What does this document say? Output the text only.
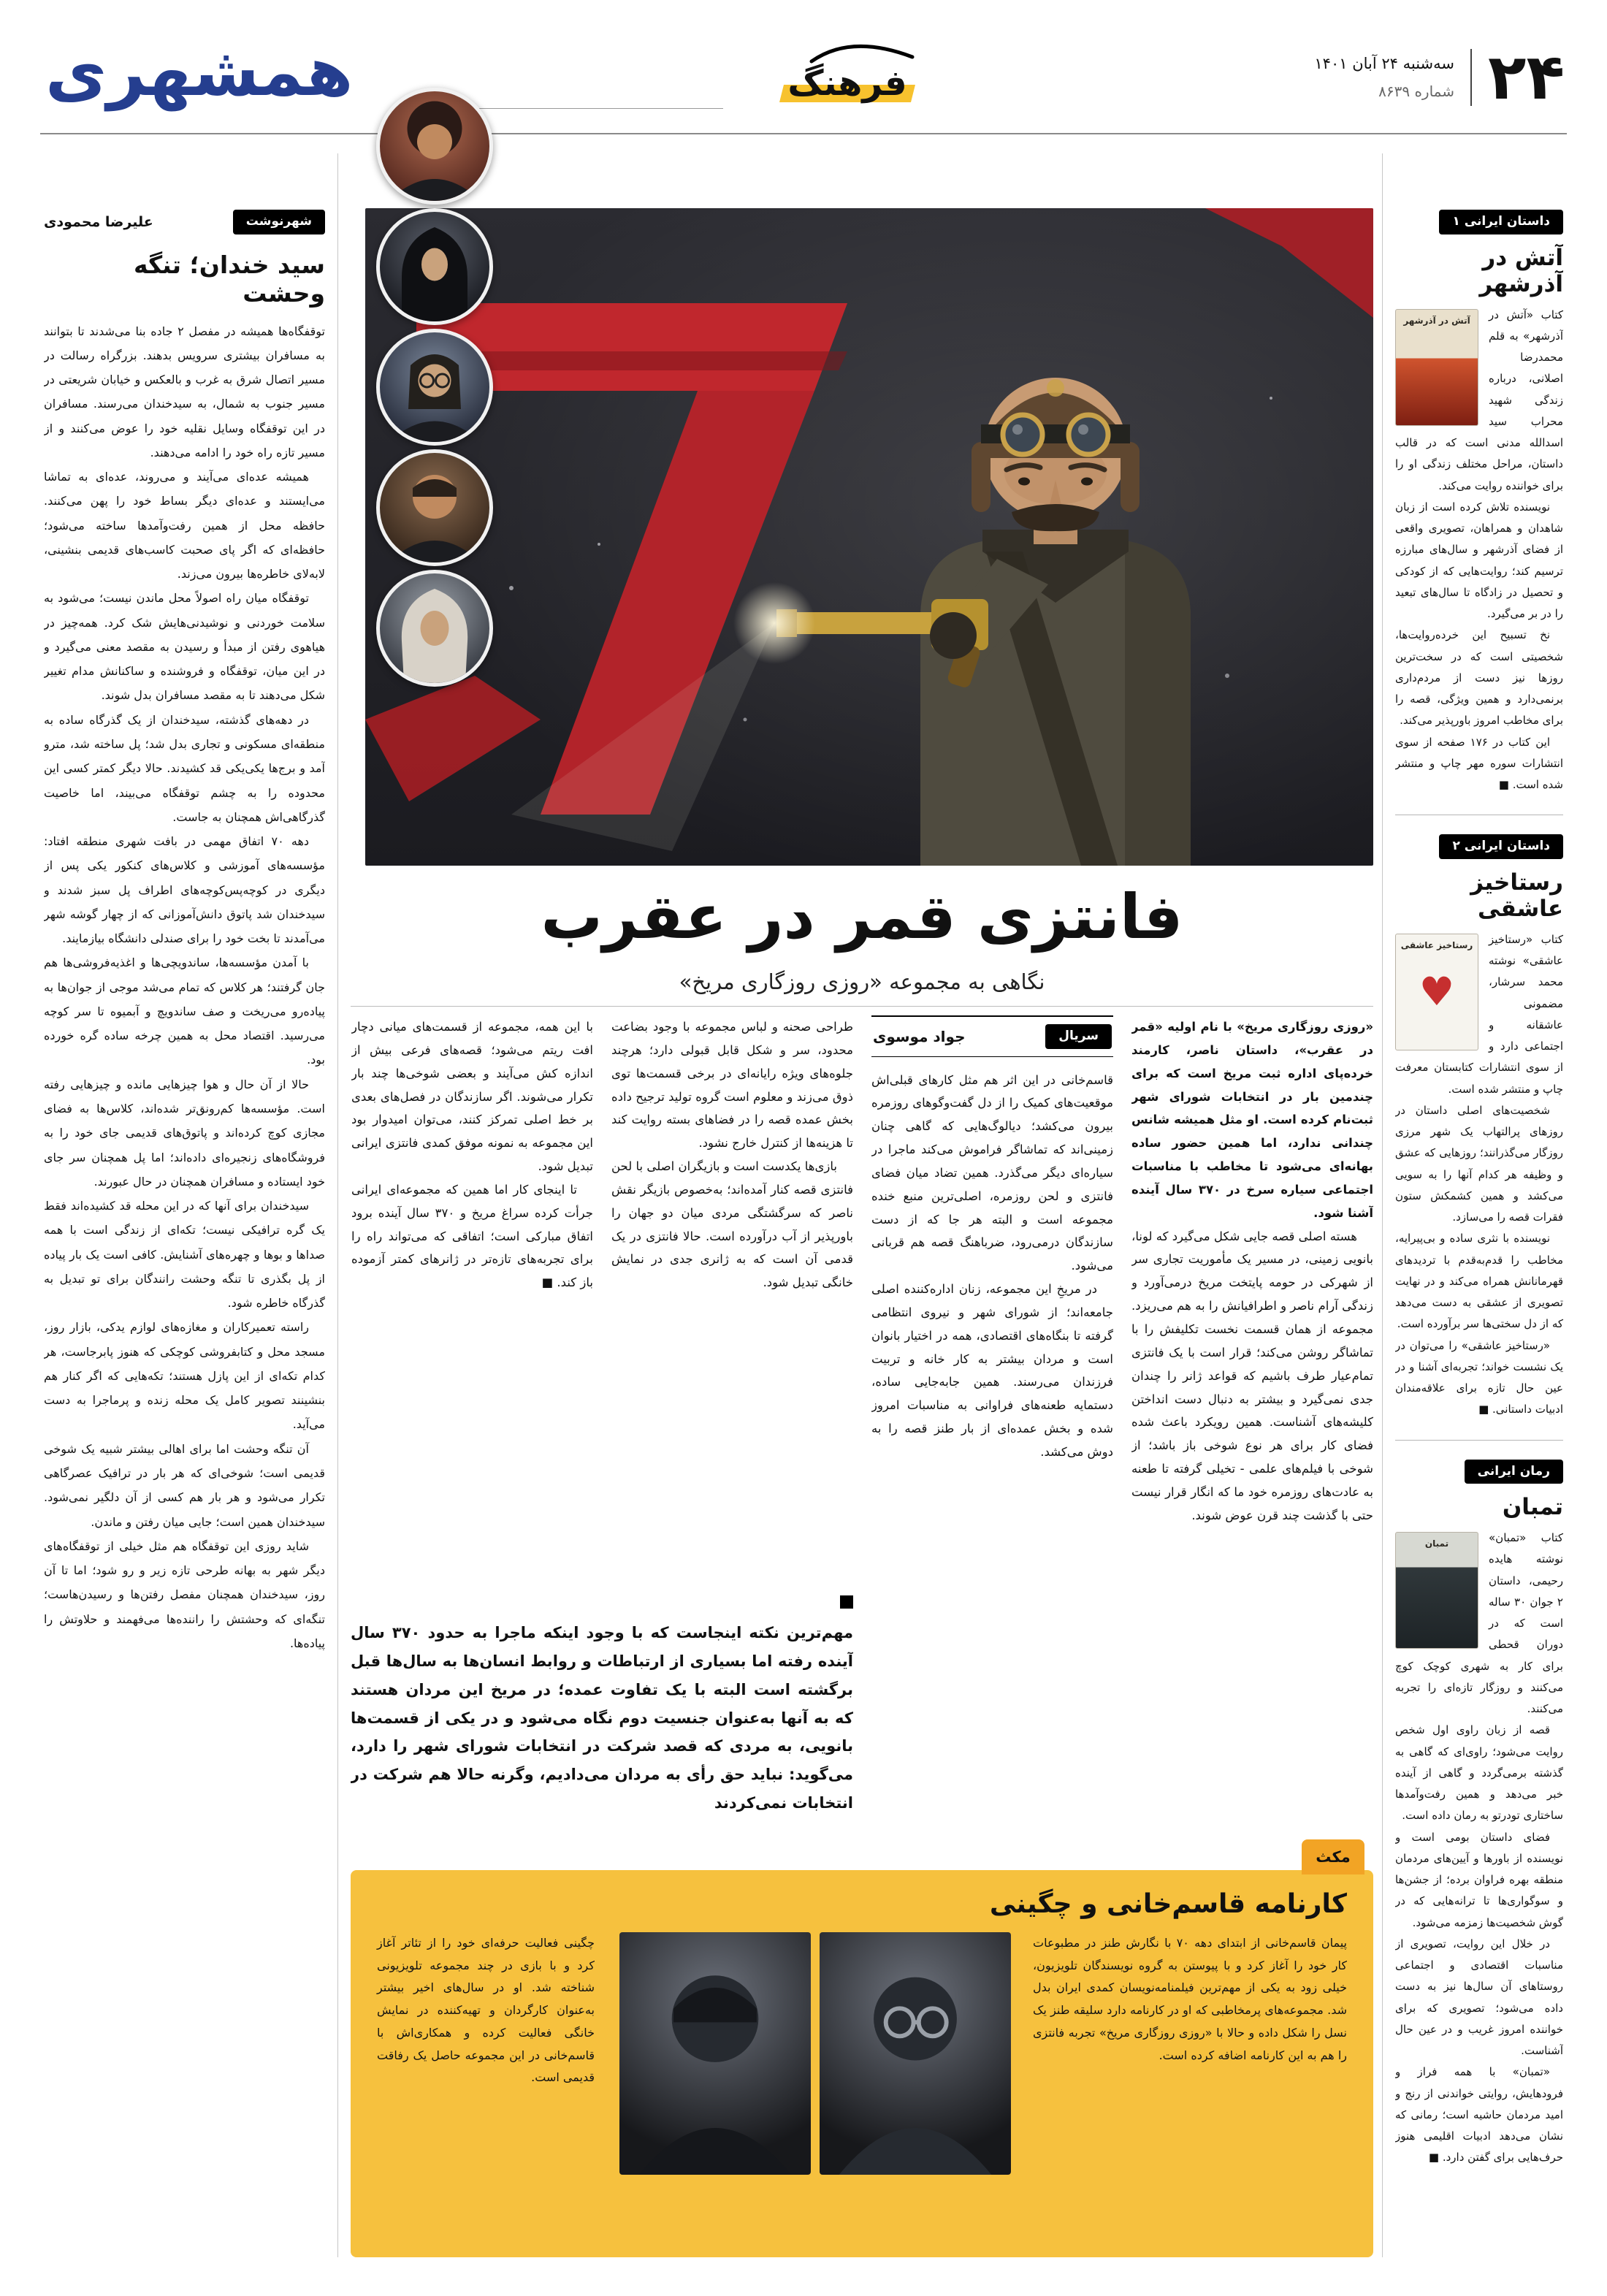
همشهری	۲۴
سه‌شنبه ۲۴ آبان ۱۴۰۱
شماره ۸۶۳۹
فرهنگ
شهرنوشت
علیرضا محمودی
سید خندان؛ تنگه وحشت

توقفگاه‌ها همیشه در مفصل ۲ جاده بنا می‌شدند تا بتوانند به مسافران بیشتری سرویس بدهند. بزرگراه رسالت در مسیر اتصال شرق به غرب و بالعکس و خیابان شریعتی در مسیر جنوب به شمال، به سیدخندان می‌رسند. مسافران در این توقفگاه وسایل نقلیه خود را عوض می‌کنند و از مسیر تازه راه خود را ادامه می‌دهند.

همیشه عده‌ای می‌آیند و می‌روند، عده‌ای به تماشا می‌ایستند و عده‌ای دیگر بساط خود را پهن می‌کنند. حافظه محل از همین رفت‌وآمدها ساخته می‌شود؛ حافظه‌ای که اگر پای صحبت کاسب‌های قدیمی بنشینی، لابه‌لای خاطره‌ها بیرون می‌زند.

توقفگاه میان راه اصولاً محل ماندن نیست؛ می‌شود به سلامت خوردنی و نوشیدنی‌هایش شک کرد. همه‌چیز در هیاهوی رفتن از مبدأ و رسیدن به مقصد معنی می‌گیرد و در این میان، توقفگاه و فروشنده و ساکنانش مدام تغییر شکل می‌دهند تا به مقصد مسافران بدل شوند.

در دهه‌های گذشته، سیدخندان از یک گذرگاه ساده به منطقه‌ای مسکونی و تجاری بدل شد؛ پل ساخته شد، مترو آمد و برج‌ها یکی‌یکی قد کشیدند. حالا دیگر کمتر کسی این محدوده را به چشم توقفگاه می‌بیند، اما خاصیت گذرگاهی‌اش همچنان به جاست.

دهه ۷۰ اتفاق مهمی در بافت شهری منطقه افتاد: مؤسسه‌های آموزشی و کلاس‌های کنکور یکی پس از دیگری در کوچه‌پس‌کوچه‌های اطراف پل سبز شدند و سیدخندان شد پاتوق دانش‌آموزانی که از چهار گوشه شهر می‌آمدند تا بخت خود را برای صندلی دانشگاه بیازمایند.

با آمدن مؤسسه‌ها، ساندویچی‌ها و اغذیه‌فروشی‌ها هم جان گرفتند؛ هر کلاس که تمام می‌شد موجی از جوان‌ها به پیاده‌رو می‌ریخت و صف ساندویچ و آبمیوه تا سر کوچه می‌رسید. اقتصاد محل به همین چرخه ساده گره خورده بود.

حالا از آن حال و هوا چیزهایی مانده و چیزهایی رفته است. مؤسسه‌ها کم‌رونق‌تر شده‌اند، کلاس‌ها به فضای مجازی کوچ کرده‌اند و پاتوق‌های قدیمی جای خود را به فروشگاه‌های زنجیره‌ای داده‌اند؛ اما پل همچنان سر جای خود ایستاده و مسافران همچنان در حال عبورند.

سیدخندان برای آنها که در این محله قد کشیده‌اند فقط یک گره ترافیکی نیست؛ تکه‌ای از زندگی است با همه صداها و بوها و چهره‌های آشنایش. کافی است یک بار پیاده از پل بگذری تا تنگه وحشت رانندگان برای تو تبدیل به گذرگاه خاطره شود.

راسته تعمیرکاران و مغازه‌های لوازم یدکی، بازار روز، مسجد محل و کتابفروشی کوچکی که هنوز پابرجاست، هر کدام تکه‌ای از این پازل هستند؛ تکه‌هایی که اگر کنار هم بنشینند تصویر کامل یک محله زنده و پرماجرا به دست می‌آید.

آن تنگه وحشت اما برای اهالی بیشتر شبیه یک شوخی قدیمی است؛ شوخی‌ای که هر بار در ترافیک عصرگاهی تکرار می‌شود و هر بار هم کسی از آن دلگیر نمی‌شود. سیدخندان همین است؛ جایی میان رفتن و ماندن.

شاید روزی این توقفگاه هم مثل خیلی از توقفگاه‌های دیگر شهر به بهانه طرحی تازه زیر و رو شود؛ اما تا آن روز، سیدخندان همچنان مفصل رفتن‌ها و رسیدن‌هاست؛ تنگه‌ای که وحشتش را راننده‌ها می‌فهمند و حلاوتش را پیاده‌ها.

فانتزی قمر در عقرب
نگاهی به مجموعه «روزی روزگاری مریخ»

«روزی روزگاری مریخ» با نام اولیه «قمر در عقرب»، داستان ناصر، کارمند خرده‌پای اداره ثبت مریخ است که برای چندمین بار در انتخابات شورای شهر ثبت‌نام کرده است. او مثل همیشه شانس چندانی ندارد، اما همین حضور ساده بهانه‌ای می‌شود تا مخاطب با مناسبات اجتماعی سیاره سرخ در ۳۷۰ سال آینده آشنا شود.

هسته اصلی قصه جایی شکل می‌گیرد که لونا، بانویی زمینی، در مسیر یک مأموریت تجاری سر از شهرکی در حومه پایتخت مریخ درمی‌آورد و زندگی آرام ناصر و اطرافیانش را به هم می‌ریزد. مجموعه از همان قسمت نخست تکلیفش را با تماشاگر روشن می‌کند؛ قرار است با یک فانتزی تمام‌عیار طرف باشیم که قواعد ژانر را چندان جدی نمی‌گیرد و بیشتر به دنبال دست انداختن کلیشه‌های آشناست. همین رویکرد باعث شده فضای کار برای هر نوع شوخی باز باشد؛ از شوخی با فیلم‌های علمی - تخیلی گرفته تا طعنه به عادت‌های روزمره خود ما که انگار قرار نیست حتی با گذشت چند قرن عوض شوند.

سریال
جواد موسوی

قاسم‌خانی در این اثر هم مثل کارهای قبلی‌اش موقعیت‌های کمیک را از دل گفت‌وگوهای روزمره بیرون می‌کشد؛ دیالوگ‌هایی که گاهی چنان زمینی‌اند که تماشاگر فراموش می‌کند ماجرا در سیاره‌ای دیگر می‌گذرد. همین تضاد میان فضای فانتزی و لحن روزمره، اصلی‌ترین منبع خنده مجموعه است و البته هر جا که از دست سازندگان درمی‌رود، ضرباهنگ قصه هم قربانی می‌شود.

در مریخِ این مجموعه، زنان اداره‌کننده اصلی جامعه‌اند؛ از شورای شهر و نیروی انتظامی گرفته تا بنگاه‌های اقتصادی، همه در اختیار بانوان است و مردان بیشتر به کار خانه و تربیت فرزندان می‌رسند. همین جابه‌جایی ساده، دستمایه طعنه‌های فراوانی به مناسبات امروز شده و بخش عمده‌ای از بار طنز قصه را به دوش می‌کشد.

طراحی صحنه و لباس مجموعه با وجود بضاعت محدود، سر و شکل قابل قبولی دارد؛ هرچند جلوه‌های ویژه رایانه‌ای در برخی قسمت‌ها توی ذوق می‌زند و معلوم است گروه تولید ترجیح داده بخش عمده قصه را در فضاهای بسته روایت کند تا هزینه‌ها از کنترل خارج نشود.

بازی‌ها یکدست است و بازیگران اصلی با لحن فانتزی قصه کنار آمده‌اند؛ به‌خصوص بازیگر نقش ناصر که سرگشتگی مردی میان دو جهان را باورپذیر از آب درآورده است. حالا فانتزی در یک قدمی آن است که به ژانری جدی در نمایش خانگی تبدیل شود.

با این همه، مجموعه از قسمت‌های میانی دچار افت ریتم می‌شود؛ قصه‌های فرعی بیش از اندازه کش می‌آیند و بعضی شوخی‌ها چند بار تکرار می‌شوند. اگر سازندگان در فصل‌های بعدی بر خط اصلی تمرکز کنند، می‌توان امیدوار بود این مجموعه به نمونه موفق کمدی فانتزی ایرانی تبدیل شود.

تا اینجای کار اما همین که مجموعه‌ای ایرانی جرأت کرده سراغ مریخ و ۳۷۰ سال آینده برود اتفاق مبارکی است؛ اتفاقی که می‌تواند راه را برای تجربه‌های تازه‌تر در ژانرهای کمتر آزموده باز کند. ■

مهم‌ترین نکته اینجاست که با وجود اینکه ماجرا به حدود ۳۷۰ سال آینده رفته اما بسیاری از ارتباطات و روابط انسان‌ها به سال‌ها قبل برگشته است البته با یک تفاوت عمده؛ در مریخ این مردان هستند که به آنها به‌عنوان جنسیت دوم نگاه می‌شود و در یکی از قسمت‌ها بانویی، به مردی که قصد شرکت در انتخابات شورای شهر را دارد، می‌گوید: نباید حق رأی به مردان می‌دادیم، وگرنه حالا هم شرکت در انتخابات نمی‌کردند

مکث
کارنامه قاسم‌خانی و چگینی

پیمان قاسم‌خانی از ابتدای دهه ۷۰ با نگارش طنز در مطبوعات کار خود را آغاز کرد و با پیوستن به گروه نویسندگان تلویزیون، خیلی زود به یکی از مهم‌ترین فیلمنامه‌نویسان کمدی ایران بدل شد. مجموعه‌های پرمخاطبی که او در کارنامه دارد سلیقه طنز یک نسل را شکل داده و حالا با «روزی روزگاری مریخ» تجربه فانتزی را هم به این کارنامه اضافه کرده است.

چگینی فعالیت حرفه‌ای خود را از تئاتر آغاز کرد و با بازی در چند مجموعه تلویزیونی شناخته شد. او در سال‌های اخیر بیشتر به‌عنوان کارگردان و تهیه‌کننده در نمایش خانگی فعالیت کرده و همکاری‌اش با قاسم‌خانی در این مجموعه حاصل یک رفاقت قدیمی است.

داستان ایرانی ۱
آتش در آذرشهر
آتش در آذرشهر	کتاب «آتش در آذرشهر» به قلم محمدرضا اصلانی، درباره زندگی شهید محراب سید اسدالله مدنی است که در قالب داستان، مراحل مختلف زندگی او را برای خواننده روایت می‌کند.

نویسنده تلاش کرده است از زبان شاهدان و همراهان، تصویری واقعی از فضای آذرشهر و سال‌های مبارزه ترسیم کند؛ روایت‌هایی که از کودکی و تحصیل در زادگاه تا سال‌های تبعید را در بر می‌گیرد.

نخ تسبیح این خرده‌روایت‌ها، شخصیتی است که در سخت‌ترین روزها نیز دست از مردم‌داری برنمی‌دارد و همین ویژگی، قصه را برای مخاطب امروز باورپذیر می‌کند.

این کتاب در ۱۷۶ صفحه از سوی انتشارات سوره مهر چاپ و منتشر شده است. ■

داستان ایرانی ۲
رستاخیز عاشقی
رستاخیز عاشقی
♥

کتاب «رستاخیز عاشقی» نوشته محمد سرشار، مضمونی عاشقانه و اجتماعی دارد و از سوی انتشارات کتابستان معرفت چاپ و منتشر شده است.

شخصیت‌های اصلی داستان در روزهای پرالتهاب یک شهر مرزی روزگار می‌گذرانند؛ روزهایی که عشق و وظیفه هر کدام آنها را به سویی می‌کشد و همین کشمکش ستون فقرات قصه را می‌سازد.

نویسنده با نثری ساده و بی‌پیرایه، مخاطب را قدم‌به‌قدم با تردیدهای قهرمانانش همراه می‌کند و در نهایت تصویری از عشقی به دست می‌دهد که از دل سختی‌ها سر برآورده است.

«رستاخیز عاشقی» را می‌توان در یک نشست خواند؛ تجربه‌ای آشنا و در عین حال تازه برای علاقه‌مندان ادبیات داستانی. ■

رمان ایرانی
تمبان
تمبان	کتاب «تمبان» نوشته هایده رحیمی، داستان ۲ جوان ۳۰ ساله است که در دوران قحطی برای کار به شهری کوچک کوچ می‌کنند و روزگار تازه‌ای را تجربه می‌کنند.

قصه از زبان راوی اول شخص روایت می‌شود؛ راوی‌ای که گاهی به گذشته برمی‌گردد و گاهی از آینده خبر می‌دهد و همین رفت‌وآمدها ساختاری تودرتو به رمان داده است.

فضای داستان بومی است و نویسنده از باورها و آیین‌های مردمان منطقه بهره فراوان برده؛ از جشن‌ها و سوگواری‌ها تا ترانه‌هایی که در گوش شخصیت‌ها زمزمه می‌شود.

در خلال این روایت، تصویری از مناسبات اقتصادی و اجتماعی روستاهای آن سال‌ها نیز به دست داده می‌شود؛ تصویری که برای خواننده امروز غریب و در عین حال آشناست.

«تمبان» با همه فراز و فرودهایش، روایتی خواندنی از رنج و امید مردمان حاشیه است؛ رمانی که نشان می‌دهد ادبیات اقلیمی هنوز حرف‌هایی برای گفتن دارد. ■
